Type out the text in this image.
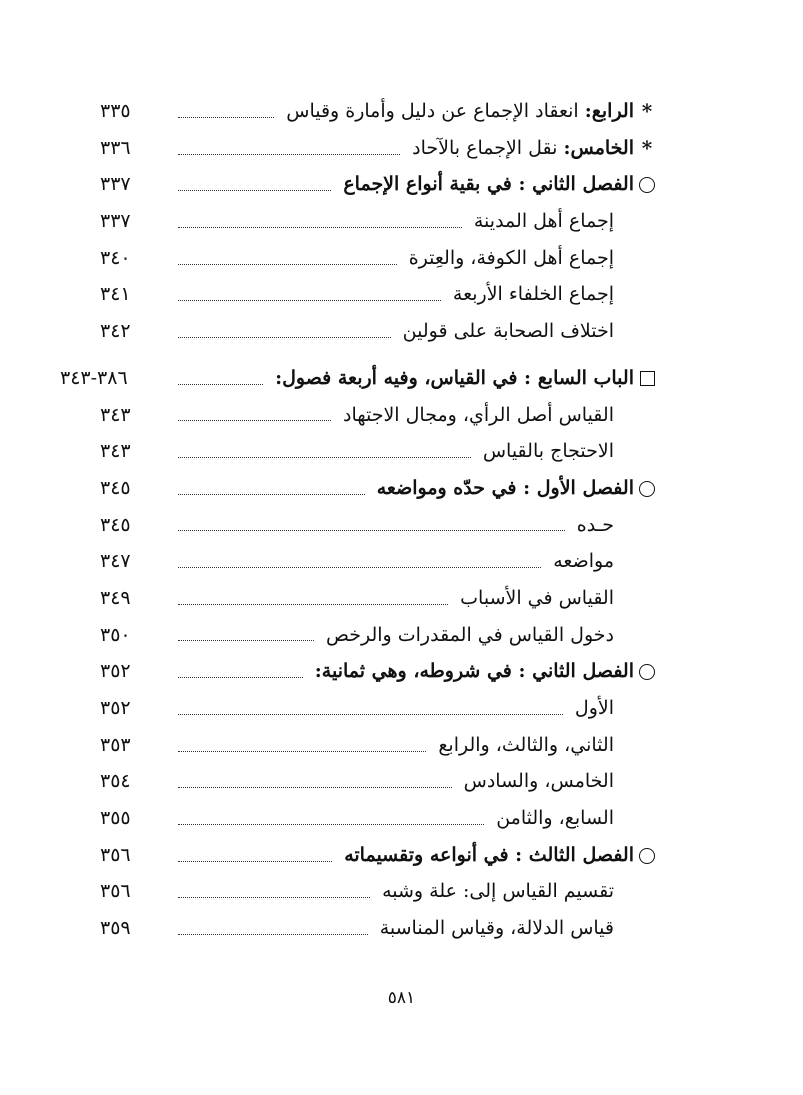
*
الرابع: انعقاد الإجماع عن دليل وأمارة وقياس
٣٣٥
*
الخامس: نقل الإجماع بالآحاد
٣٣٦
الفصل الثاني : في بقية أنواع الإجماع
٣٣٧
إجماع أهل المدينة
٣٣٧
إجماع أهل الكوفة، والعِترة
٣٤٠
إجماع الخلفاء الأربعة
٣٤١
اختلاف الصحابة على قولين
٣٤٢
الباب السابع : في القياس، وفيه أربعة فصول:
٣٨٦-٣٤٣
القياس أصل الرأي، ومجال الاجتهاد
٣٤٣
الاحتجاج بالقياس
٣٤٣
الفصل الأول : في حدّه ومواضعه
٣٤٥
حـده
٣٤٥
مواضعه
٣٤٧
القياس في الأسباب
٣٤٩
دخول القياس في المقدرات والرخص
٣٥٠
الفصل الثاني : في شروطه، وهي ثمانية:
٣٥٢
الأول
٣٥٢
الثاني، والثالث، والرابع
٣٥٣
الخامس، والسادس
٣٥٤
السابع، والثامن
٣٥٥
الفصل الثالث : في أنواعه وتقسيماته
٣٥٦
تقسيم القياس إلى: علة وشبه
٣٥٦
قياس الدلالة، وقياس المناسبة
٣٥٩
٥٨١
